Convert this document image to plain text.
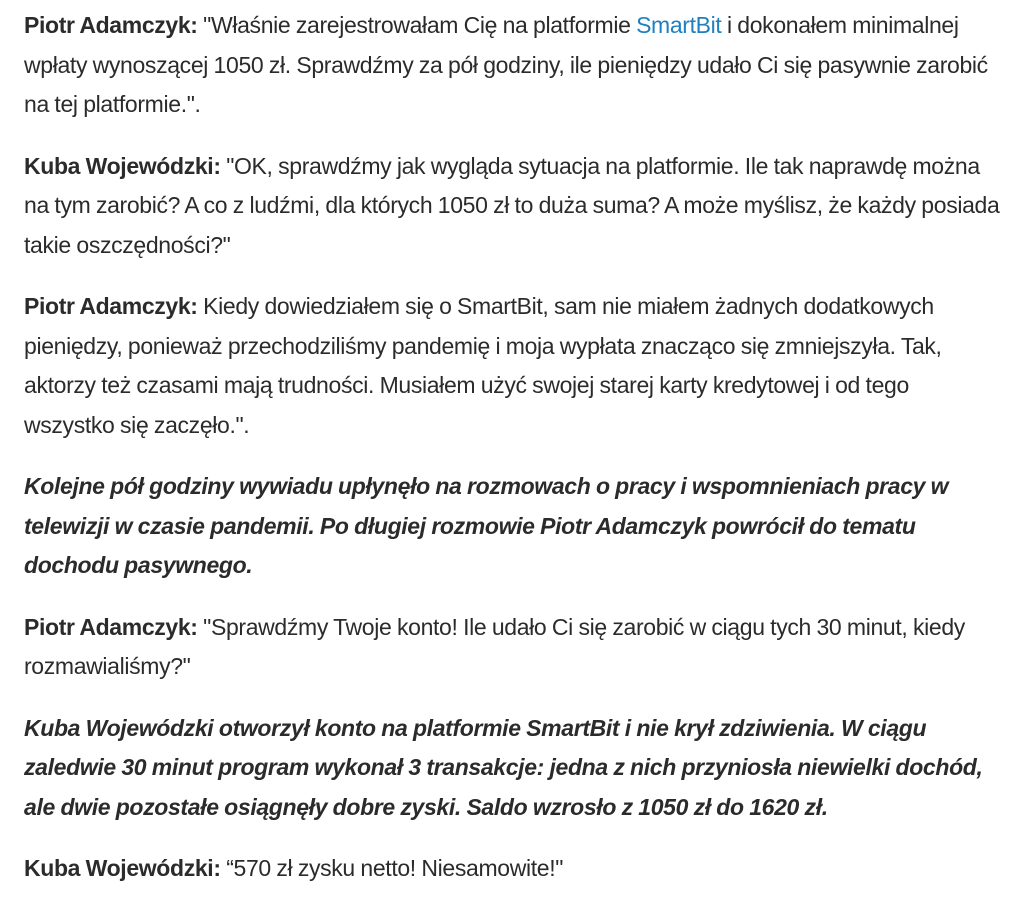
Piotr Adamczyk: "Właśnie zarejestrowałam Cię na platformie SmartBit i dokonałem minimalnej wpłaty wynoszącej 1050 zł. Sprawdźmy za pół godziny, ile pieniędzy udało Ci się pasywnie zarobić na tej platformie.".

Kuba Wojewódzki: "OK, sprawdźmy jak wygląda sytuacja na platformie. Ile tak naprawdę można na tym zarobić? A co z ludźmi, dla których 1050 zł to duża suma? A może myślisz, że każdy posiada takie oszczędności?"

Piotr Adamczyk: Kiedy dowiedziałem się o SmartBit, sam nie miałem żadnych dodatkowych pieniędzy, ponieważ przechodziliśmy pandemię i moja wypłata znacząco się zmniejszyła. Tak, aktorzy też czasami mają trudności. Musiałem użyć swojej starej karty kredytowej i od tego wszystko się zaczęło.".

Kolejne pół godziny wywiadu upłynęło na rozmowach o pracy i wspomnieniach pracy w telewizji w czasie pandemii. Po długiej rozmowie Piotr Adamczyk powrócił do tematu dochodu pasywnego.

Piotr Adamczyk: "Sprawdźmy Twoje konto! Ile udało Ci się zarobić w ciągu tych 30 minut, kiedy rozmawialiśmy?"

Kuba Wojewódzki otworzył konto na platformie SmartBit i nie krył zdziwienia. W ciągu zaledwie 30 minut program wykonał 3 transakcje: jedna z nich przyniosła niewielki dochód, ale dwie pozostałe osiągnęły dobre zyski. Saldo wzrosło z 1050 zł do 1620 zł.

Kuba Wojewódzki: “570 zł zysku netto! Niesamowite!"
